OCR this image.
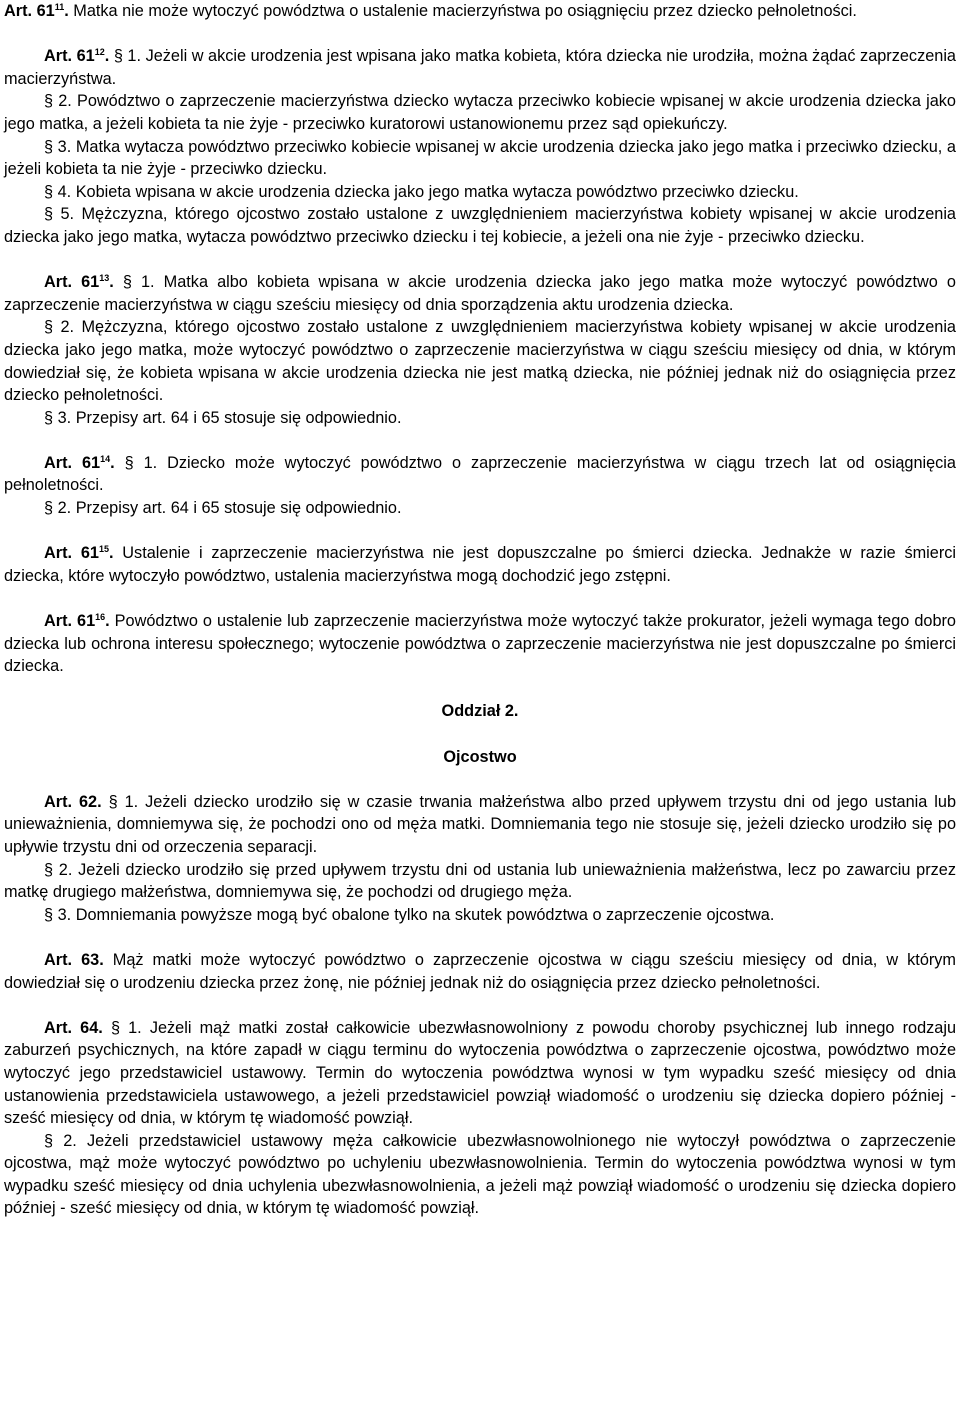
Art. $61^{11}$. Matka nie może wytoczyć powództwa o ustalenie macierzyństwa po osiągnięciu przez dziecko pełnoletności.

Art. $61^{12}$. § 1. Jeżeli w akcie urodzenia jest wpisana jako matka kobieta, która dziecka nie urodziła, można żądać zaprzeczenia macierzyństwa.

§ 2. Powództwo o zaprzeczenie macierzyństwa dziecko wytacza przeciwko kobiecie wpisanej w akcie urodzenia dziecka jako jego matka, a jeżeli kobieta ta nie żyje - przeciwko kuratorowi ustanowionemu przez sąd opiekuńczy.

§ 3. Matka wytacza powództwo przeciwko kobiecie wpisanej w akcie urodzenia dziecka jako jego matka i przeciwko dziecku, a jeżeli kobieta ta nie żyje - przeciwko dziecku.

§ 4. Kobieta wpisana w akcie urodzenia dziecka jako jego matka wytacza powództwo przeciwko dziecku.

§ 5. Mężczyzna, którego ojcostwo zostało ustalone z uwzględnieniem macierzyństwa kobiety wpisanej w akcie urodzenia dziecka jako jego matka, wytacza powództwo przeciwko dziecku i tej kobiecie, a jeżeli ona nie żyje - przeciwko dziecku.

Art. $61^{13}$. § 1. Matka albo kobieta wpisana w akcie urodzenia dziecka jako jego matka może wytoczyć powództwo o zaprzeczenie macierzyństwa w ciągu sześciu miesięcy od dnia sporządzenia aktu urodzenia dziecka.

§ 2. Mężczyzna, którego ojcostwo zostało ustalone z uwzględnieniem macierzyństwa kobiety wpisanej w akcie urodzenia dziecka jako jego matka, może wytoczyć powództwo o zaprzeczenie macierzyństwa w ciągu sześciu miesięcy od dnia, w którym dowiedział się, że kobieta wpisana w akcie urodzenia dziecka nie jest matką dziecka, nie później jednak niż do osiągnięcia przez dziecko pełnoletności.

§ 3. Przepisy art. 64 i 65 stosuje się odpowiednio.

Art. $61^{14}$. § 1. Dziecko może wytoczyć powództwo o zaprzeczenie macierzyństwa w ciągu trzech lat od osiągnięcia pełnoletności.

§ 2. Przepisy art. 64 i 65 stosuje się odpowiednio.

Art. $61^{15}$. Ustalenie i zaprzeczenie macierzyństwa nie jest dopuszczalne po śmierci dziecka. Jednakże w razie śmierci dziecka, które wytoczyło powództwo, ustalenia macierzyństwa mogą dochodzić jego zstępni.

Art. $61^{16}$. Powództwo o ustalenie lub zaprzeczenie macierzyństwa może wytoczyć także prokurator, jeżeli wymaga tego dobro dziecka lub ochrona interesu społecznego; wytoczenie powództwa o zaprzeczenie macierzyństwa nie jest dopuszczalne po śmierci dziecka.

Oddział 2.

Ojcostwo

Art. 62. § 1. Jeżeli dziecko urodziło się w czasie trwania małżeństwa albo przed upływem trzystu dni od jego ustania lub unieważnienia, domniemywa się, że pochodzi ono od męża matki. Domniemania tego nie stosuje się, jeżeli dziecko urodziło się po upływie trzystu dni od orzeczenia separacji.

§ 2. Jeżeli dziecko urodziło się przed upływem trzystu dni od ustania lub unieważnienia małżeństwa, lecz po zawarciu przez matkę drugiego małżeństwa, domniemywa się, że pochodzi od drugiego męża.

§ 3. Domniemania powyższe mogą być obalone tylko na skutek powództwa o zaprzeczenie ojcostwa.

Art. 63. Mąż matki może wytoczyć powództwo o zaprzeczenie ojcostwa w ciągu sześciu miesięcy od dnia, w którym dowiedział się o urodzeniu dziecka przez żonę, nie później jednak niż do osiągnięcia przez dziecko pełnoletności.

Art. 64. § 1. Jeżeli mąż matki został całkowicie ubezwłasnowolniony z powodu choroby psychicznej lub innego rodzaju zaburzeń psychicznych, na które zapadł w ciągu terminu do wytoczenia powództwa o zaprzeczenie ojcostwa, powództwo może wytoczyć jego przedstawiciel ustawowy. Termin do wytoczenia powództwa wynosi w tym wypadku sześć miesięcy od dnia ustanowienia przedstawiciela ustawowego, a jeżeli przedstawiciel powziął wiadomość o urodzeniu się dziecka dopiero później - sześć miesięcy od dnia, w którym tę wiadomość powziął.

§ 2. Jeżeli przedstawiciel ustawowy męża całkowicie ubezwłasnowolnionego nie wytoczył powództwa o zaprzeczenie ojcostwa, mąż może wytoczyć powództwo po uchyleniu ubezwłasnowolnienia. Termin do wytoczenia powództwa wynosi w tym wypadku sześć miesięcy od dnia uchylenia ubezwłasnowolnienia, a jeżeli mąż powziął wiadomość o urodzeniu się dziecka dopiero później - sześć miesięcy od dnia, w którym tę wiadomość powziął.
